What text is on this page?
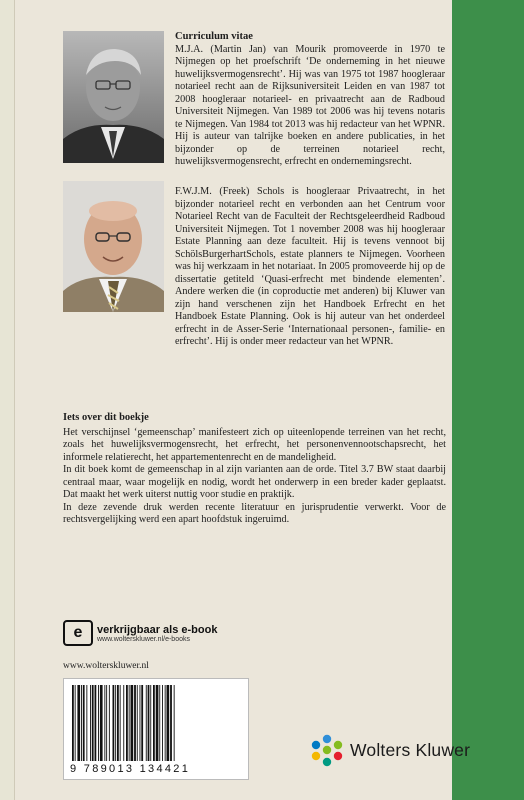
Curriculum vitae

M.J.A. (Martin Jan) van Mourik promoveerde in 1970 te Nijmegen op het proefschrift ‘De onderneming in het nieuwe huwelijksvermogensrecht’. Hij was van 1975 tot 1987 hoogleraar notarieel recht aan de Rijksuniversiteit Leiden en van 1987 tot 2008 hoogleraar notarieel- en privaatrecht aan de Radboud Universiteit Nijmegen. Van 1989 tot 2006 was hij tevens notaris te Nijmegen. Van 1984 tot 2013 was hij redacteur van het WPNR. Hij is auteur van talrijke boeken en andere publicaties, in het bijzonder op de terreinen notarieel recht, huwelijksvermogensrecht, erfrecht en ondernemingsrecht.

F.W.J.M. (Freek) Schols is hoogleraar Privaatrecht, in het bijzonder notarieel recht en verbonden aan het Centrum voor Notarieel Recht van de Faculteit der Rechtsgeleerdheid Radboud Universiteit Nijmegen. Tot 1 november 2008 was hij hoogleraar Estate Planning aan deze faculteit. Hij is tevens vennoot bij SchölsBurgerhartSchols, estate planners te Nijmegen. Voorheen was hij werkzaam in het notariaat. In 2005 promoveerde hij op de dissertatie getiteld ‘Quasi-erfrecht met bindende elementen’. Andere werken die (in coproductie met anderen) bij Kluwer van zijn hand verschenen zijn het Handboek Erfrecht en het Handboek Estate Planning. Ook is hij auteur van het onderdeel erfrecht in de Asser-Serie ‘Internationaal personen-, familie- en erfrecht’. Hij is onder meer redacteur van het WPNR.

Iets over dit boekje

Het verschijnsel ‘gemeenschap’ manifesteert zich op uiteenlopende terreinen van het recht, zoals het huwelijksvermogensrecht, het erfrecht, het personenvennootschapsrecht, het informele relatierecht, het appartementenrecht en de mandeligheid.

In dit boek komt de gemeenschap in al zijn varianten aan de orde. Titel 3.7 BW staat daarbij centraal maar, waar mogelijk en nodig, wordt het onderwerp in een breder kader geplaatst. Dat maakt het werk uiterst nuttig voor studie en praktijk.

In deze zevende druk werden recente literatuur en jurisprudentie verwerkt. Voor de rechtsvergelijking werd een apart hoofdstuk ingeruimd.

e verkrijgbaar als e-book
www.wolterskluwer.nl/e-books
www.wolterskluwer.nl
9 789013 134421
Wolters Kluwer
